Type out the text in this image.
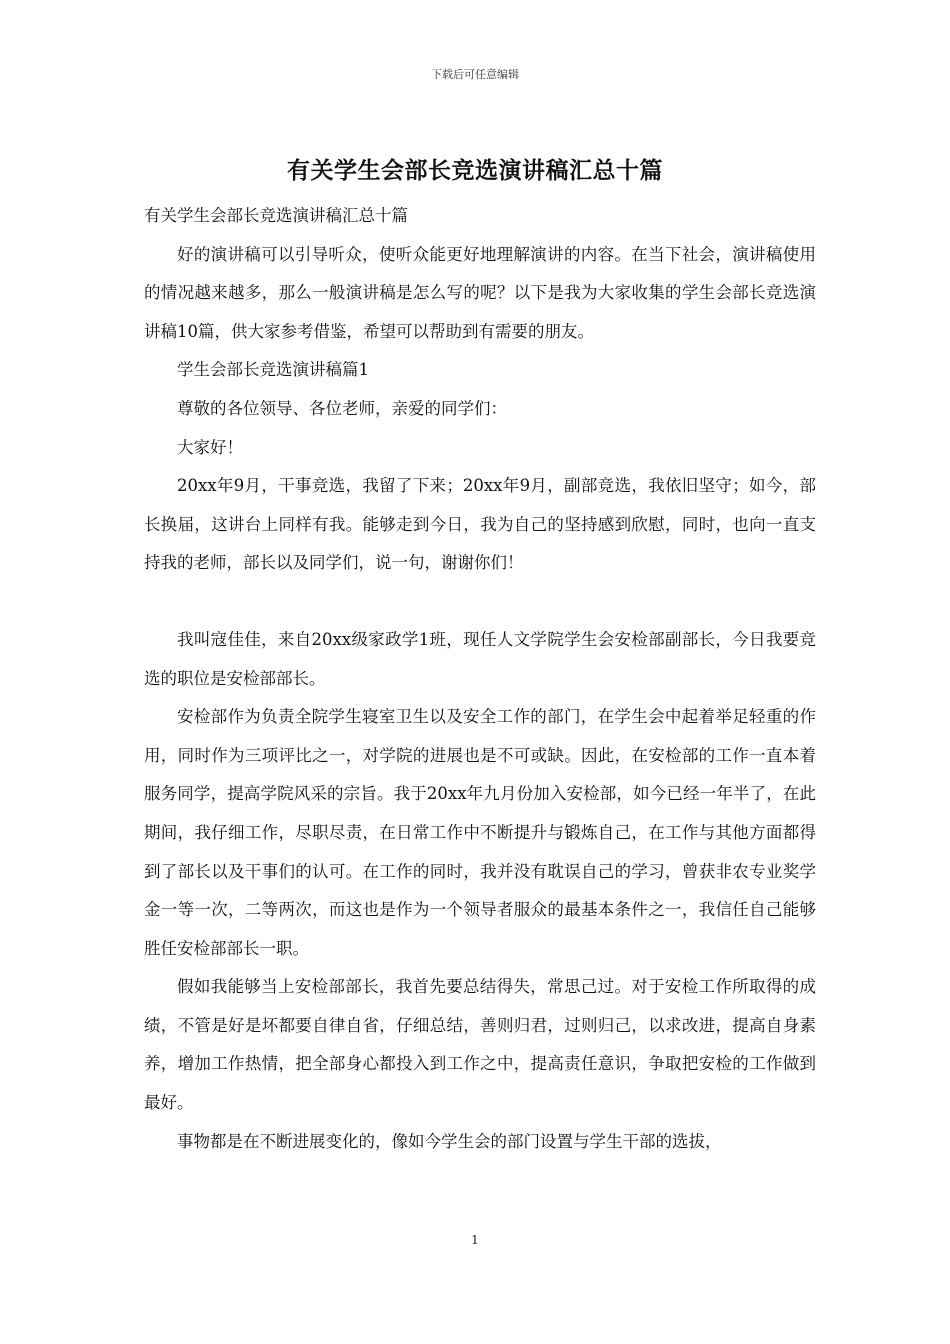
下载后可任意编辑
有关学生会部长竞选演讲稿汇总十篇

有关学生会部长竞选演讲稿汇总十篇

好的演讲稿可以引导听众，使听众能更好地理解演讲的内容。在当下社会，演讲稿使用的情况越来越多，那么一般演讲稿是怎么写的呢？以下是我为大家收集的学生会部长竞选演讲稿10篇，供大家参考借鉴，希望可以帮助到有需要的朋友。

学生会部长竞选演讲稿篇1

尊敬的各位领导、各位老师，亲爱的同学们：

大家好！

20xx年9月，干事竞选，我留了下来；20xx年9月，副部竞选，我依旧坚守；如今，部长换届，这讲台上同样有我。能够走到今日，我为自己的坚持感到欣慰，同时，也向一直支持我的老师，部长以及同学们，说一句，谢谢你们！

我叫寇佳佳，来自20xx级家政学1班，现任人文学院学生会安检部副部长，今日我要竞选的职位是安检部部长。

安检部作为负责全院学生寝室卫生以及安全工作的部门，在学生会中起着举足轻重的作用，同时作为三项评比之一，对学院的进展也是不可或缺。因此，在安检部的工作一直本着服务同学，提高学院风采的宗旨。我于20xx年九月份加入安检部，如今已经一年半了，在此期间，我仔细工作，尽职尽责，在日常工作中不断提升与锻炼自己，在工作与其他方面都得到了部长以及干事们的认可。在工作的同时，我并没有耽误自己的学习，曾获非农专业奖学金一等一次，二等两次，而这也是作为一个领导者服众的最基本条件之一，我信任自己能够胜任安检部部长一职。

假如我能够当上安检部部长，我首先要总结得失，常思己过。对于安检工作所取得的成绩，不管是好是坏都要自律自省，仔细总结，善则归君，过则归己，以求改进，提高自身素养，增加工作热情，把全部身心都投入到工作之中，提高责任意识，争取把安检的工作做到最好。

事物都是在不断进展变化的，像如今学生会的部门设置与学生干部的选拔，

1
